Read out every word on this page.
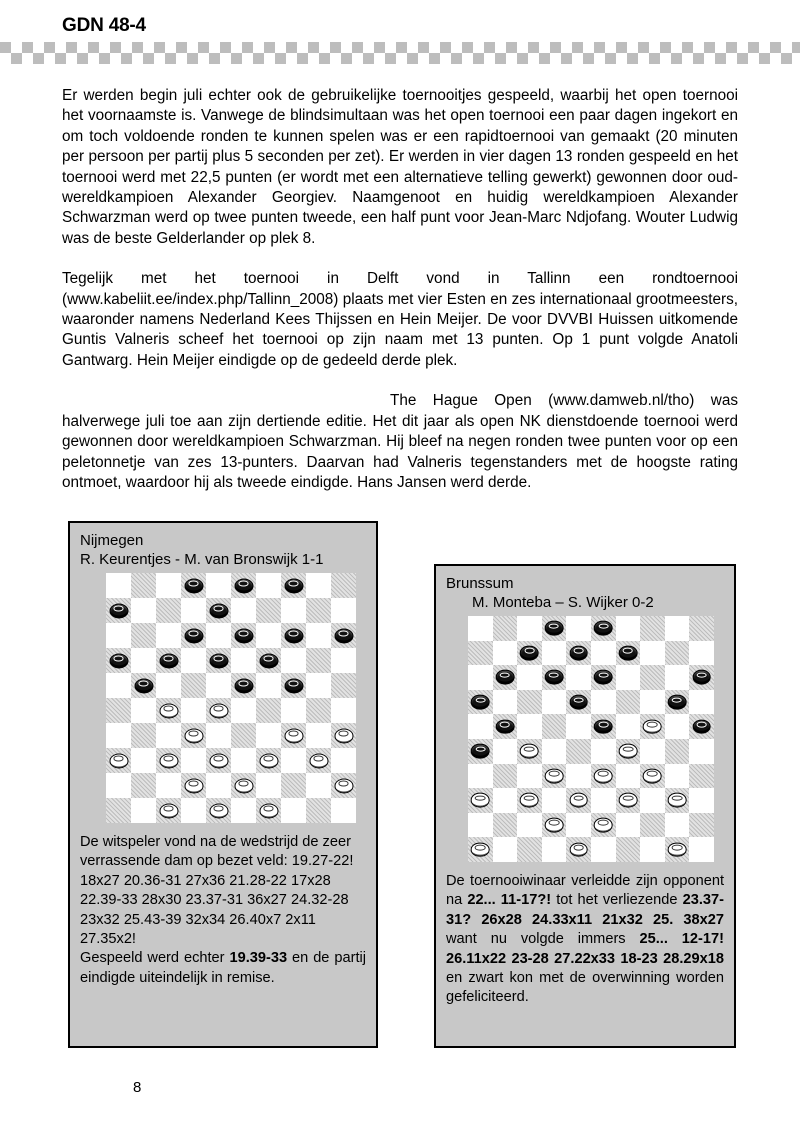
GDN 48-4

Er werden begin juli echter ook de gebruikelijke toernooitjes gespeeld, waarbij het open toernooi het voornaamste is. Vanwege de blindsimultaan was het open toernooi een paar dagen ingekort en om toch voldoende ronden te kunnen spelen was er een rapidtoernooi van gemaakt (20 minuten per persoon per partij plus 5 seconden per zet). Er werden in vier dagen 13 ronden gespeeld en het toernooi werd met 22,5 punten (er wordt met een alternatieve telling gewerkt) gewonnen door oud-wereldkampioen Alexander Georgiev. Naamgenoot en huidig wereldkampioen Alexander Schwarzman werd op twee punten tweede, een half punt voor Jean-Marc Ndjofang. Wouter Ludwig was de beste Gelderlander op plek 8.

Tegelijk met het toernooi in Delft vond in Tallinn een rondtoernooi (www.kabeliit.ee/index.php/Tallinn_2008) plaats met vier Esten en zes internationaal grootmeesters, waaronder namens Nederland Kees Thijssen en Hein Meijer. De voor DVVBI Huissen uitkomende Guntis Valneris scheef het toernooi op zijn naam met 13 punten. Op 1 punt volgde Anatoli Gantwarg. Hein Meijer eindigde op de gedeeld derde plek.

The Hague Open (www.damweb.nl/tho) was halverwege juli toe aan zijn dertiende editie. Het dit jaar als open NK dienstdoende toernooi werd gewonnen door wereldkampioen Schwarzman. Hij bleef na negen ronden twee punten voor op een peletonnetje van zes 13-punters. Daarvan had Valneris tegenstanders met de hoogste rating ontmoet, waardoor hij als tweede eindigde. Hans Jansen werd derde.

Nijmegen
R. Keurentjes - M. van Bronswijk 1-1
De witspeler vond na de wedstrijd de zeer verrassende dam op bezet veld: 19.27-22! 18x27 20.36-31 27x36 21.28-22 17x28 22.39-33 28x30 23.37-31 36x27 24.32-28 23x32 25.43-39 32x34 26.40x7 2x11 27.35x2!
Gespeeld werd echter 19.39-33 en de partij eindigde uiteindelijk in remise.
Brunssum
M. Monteba – S. Wijker 0-2
De toernooiwinaar verleidde zijn opponent na 22... 11-17?! tot het verliezende 23.37-31? 26x28 24.33x11 21x32 25. 38x27 want nu volgde immers 25... 12-17! 26.11x22 23-28 27.22x33 18-23 28.29x18 en zwart kon met de overwinning worden gefeliciteerd.
8
